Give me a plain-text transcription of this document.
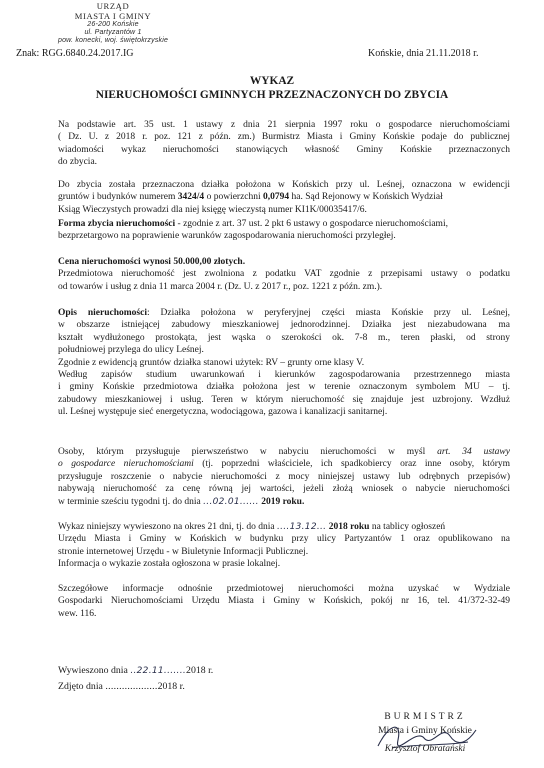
URZĄD
MIASTA I GMINY
26-200 Końskie
ul. Partyzantów 1
pow. konecki, woj. świętokrzyskie
Znak: RGG.6840.24.2017.IG	Końskie, dnia 21.11.2018 r.
WYKAZ
NIERUCHOMOŚCI GMINNYCH PRZEZNACZONYCH DO ZBYCIA
Na podstawie art. 35 ust. 1 ustawy z dnia 21 sierpnia 1997 roku o gospodarce nieruchomościami
( Dz. U. z 2018 r. poz. 121 z późn. zm.) Burmistrz Miasta i Gminy Końskie podaje do publicznej
wiadomości wykaz nieruchomości stanowiących własność Gminy Końskie przeznaczonych
do zbycia.
Do zbycia została przeznaczona działka położona w Końskich przy ul. Leśnej, oznaczona w ewidencji
gruntów i budynków numerem 3424/4 o powierzchni 0,0794 ha. Sąd Rejonowy w Końskich Wydział
Ksiąg Wieczystych prowadzi dla niej księgę wieczystą numer KI1K/00035417/6.
Forma zbycia nieruchomości - zgodnie z art. 37 ust. 2 pkt 6 ustawy o gospodarce nieruchomościami,
bezprzetargowo na poprawienie warunków zagospodarowania nieruchomości przyległej.
Cena nieruchomości wynosi 50.000,00 złotych.
Przedmiotowa nieruchomość jest zwolniona z podatku VAT zgodnie z przepisami ustawy o podatku
od towarów i usług z dnia 11 marca 2004 r. (Dz. U. z 2017 r., poz. 1221 z późn. zm.).
Opis nieruchomości: Działka położona w peryferyjnej części miasta Końskie przy ul. Leśnej,
w obszarze istniejącej zabudowy mieszkaniowej jednorodzinnej. Działka jest niezabudowana ma
kształt wydłużonego prostokąta, jest wąska o szerokości ok. 7-8 m., teren płaski, od strony
południowej przylega do ulicy Leśnej.
Zgodnie z ewidencją gruntów działka stanowi użytek: RV – grunty orne klasy V.
Według zapisów studium uwarunkowań i kierunków zagospodarowania przestrzennego miasta
i gminy Końskie przedmiotowa działka położona jest w terenie oznaczonym symbolem MU – tj.
zabudowy mieszkaniowej i usług. Teren w którym nieruchomość się znajduje jest uzbrojony. Wzdłuż
ul. Leśnej występuje sieć energetyczna, wodociągowa, gazowa i kanalizacji sanitarnej.
Osoby, którym przysługuje pierwszeństwo w nabyciu nieruchomości w myśl art. 34 ustawy
o gospodarce nieruchomościami (tj. poprzedni właściciele, ich spadkobiercy oraz inne osoby, którym
przysługuje roszczenie o nabycie nieruchomości z mocy niniejszej ustawy lub odrębnych przepisów)
nabywają nieruchomość za cenę równą jej wartości, jeżeli złożą wniosek o nabycie nieruchomości
w terminie sześciu tygodni tj. do dnia ...02.01...... 2019 roku.
Wykaz niniejszy wywieszono na okres 21 dni, tj. do dnia ....13.12... 2018 roku na tablicy ogłoszeń
Urzędu Miasta i Gminy w Końskich w budynku przy ulicy Partyzantów 1 oraz opublikowano na
stronie internetowej Urzędu - w Biuletynie Informacji Publicznej.
Informacja o wykazie została ogłoszona w prasie lokalnej.
Szczegółowe informacje odnośnie przedmiotowej nieruchomości można uzyskać w Wydziale
Gospodarki Nieruchomościami Urzędu Miasta i Gminy w Końskich, pokój nr 16, tel. 41/372-32-49
wew. 116.
Wywieszono dnia ..22.11.......2018 r.
Zdjęto dnia ...................2018 r.
BURMISTRZ
Miasta i Gminy Końskie
Krzysztof Obratański
